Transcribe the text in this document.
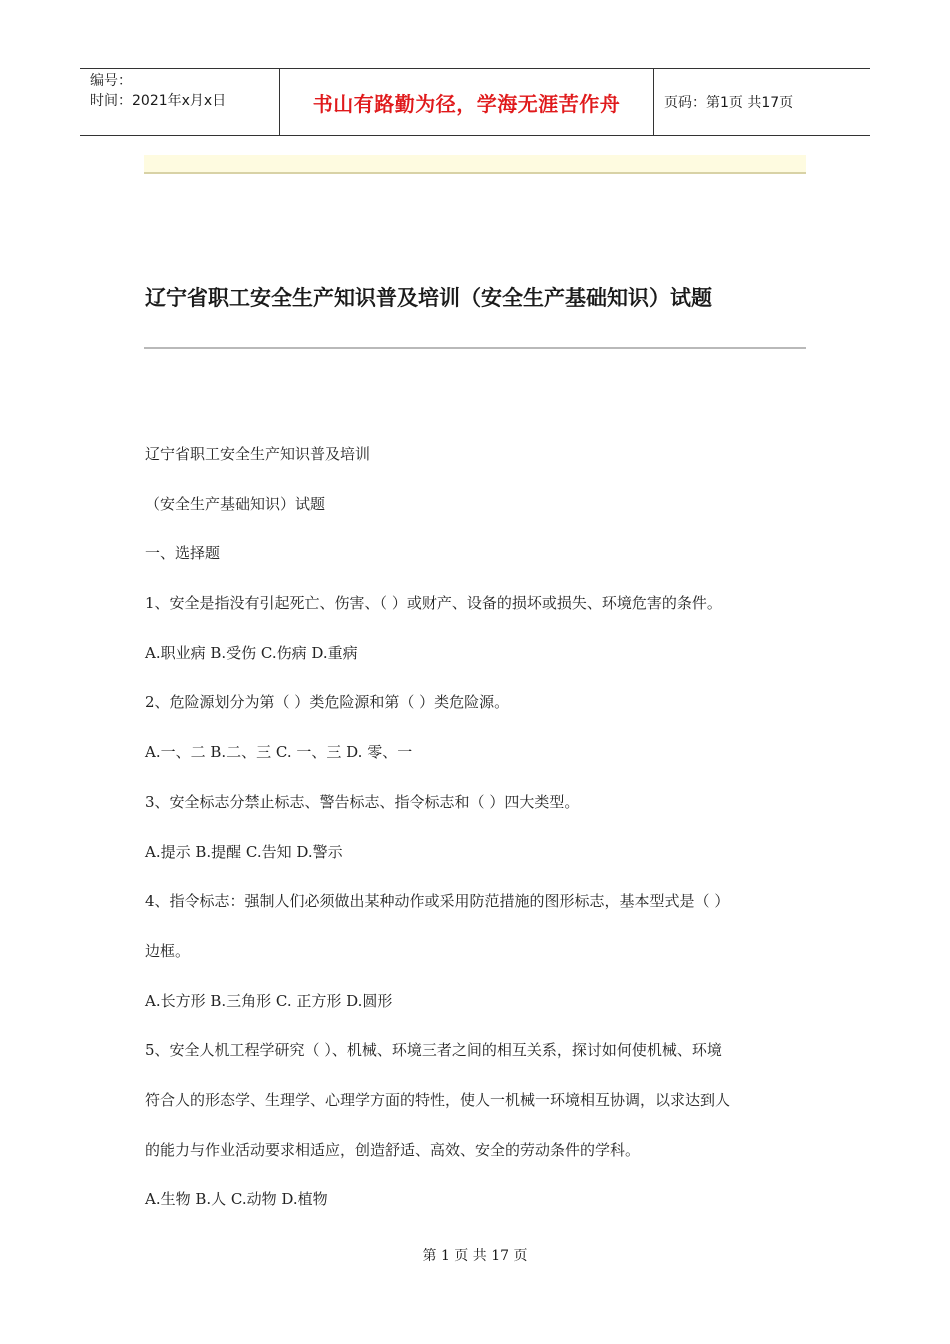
编号：
时间：2021年x月x日	书山有路勤为径，学海无涯苦作舟	页码：第1页 共17页
辽宁省职工安全生产知识普及培训（安全生产基础知识）试题
辽宁省职工安全生产知识普及培训
（安全生产基础知识）试题
一、选择题
1、安全是指没有引起死亡、伤害、（ ）或财产、设备的损坏或损失、环境危害的条件。
A.职业病 B.受伤 C.伤病 D.重病
2、危险源划分为第（ ）类危险源和第（ ）类危险源。
A.一、二 B.二、三 C. 一、三 D. 零、一
3、安全标志分禁止标志、警告标志、指令标志和（ ）四大类型。
A.提示 B.提醒 C.告知 D.警示
4、指令标志：强制人们必须做出某种动作或采用防范措施的图形标志，基本型式是（ ）
边框。
A.长方形 B.三角形 C. 正方形 D.圆形
5、安全人机工程学研究（ ）、机械、环境三者之间的相互关系，探讨如何使机械、环境
符合人的形态学、生理学、心理学方面的特性，使人一机械一环境相互协调，以求达到人
的能力与作业活动要求相适应，创造舒适、高效、安全的劳动条件的学科。
A.生物 B.人 C.动物 D.植物
第 1 页 共 17 页
